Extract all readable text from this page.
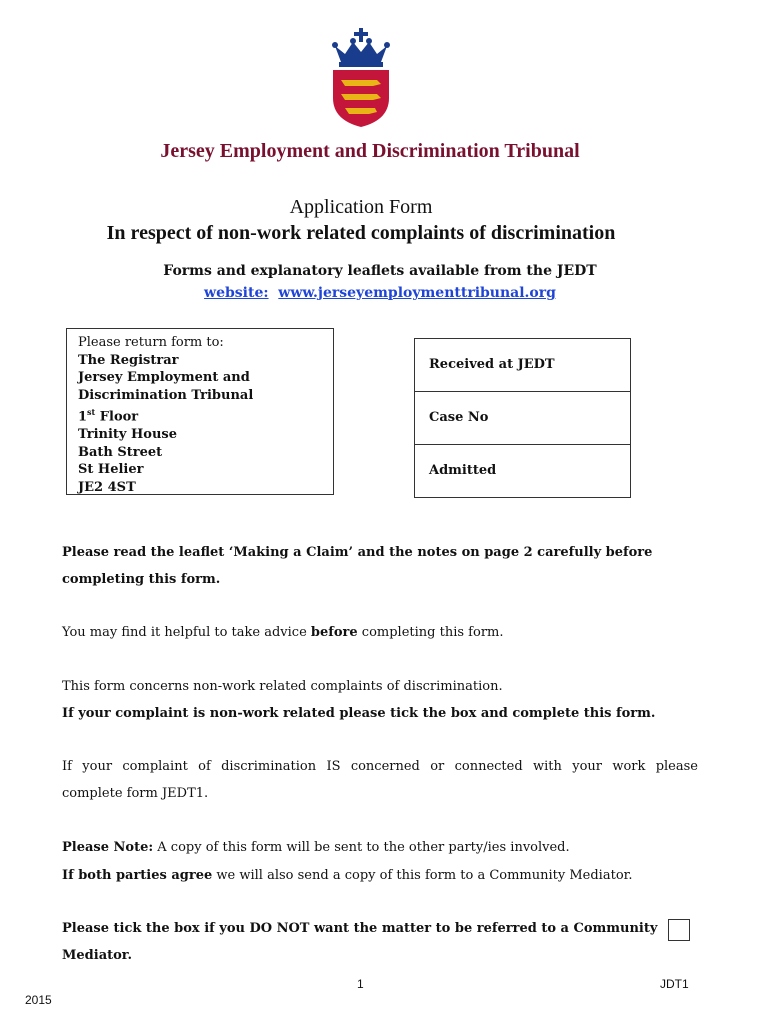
Jersey Employment and Discrimination Tribunal
Application Form
In respect of non-work related complaints of discrimination
Forms and explanatory leaflets available from the JEDT
website: www.jerseyemploymenttribunal.org
Please return form to:
The Registrar
Jersey Employment and
Discrimination Tribunal
1st Floor
Trinity House
Bath Street
St Helier
JE2 4ST
Received at JEDT
Case No
Admitted
Please read the leaflet ‘Making a Claim’ and the notes on page 2 carefully before
completing this form.
You may find it helpful to take advice before completing this form.
This form concerns non-work related complaints of discrimination.
If your complaint is non-work related please tick the box and complete this form.
If your complaint of discrimination IS concerned or connected with your work please
complete form JEDT1.
Please Note: A copy of this form will be sent to the other party/ies involved.
If both parties agree we will also send a copy of this form to a Community Mediator.
Please tick the box if you DO NOT want the matter to be referred to a Community
Mediator.
1	JDT1
2015
